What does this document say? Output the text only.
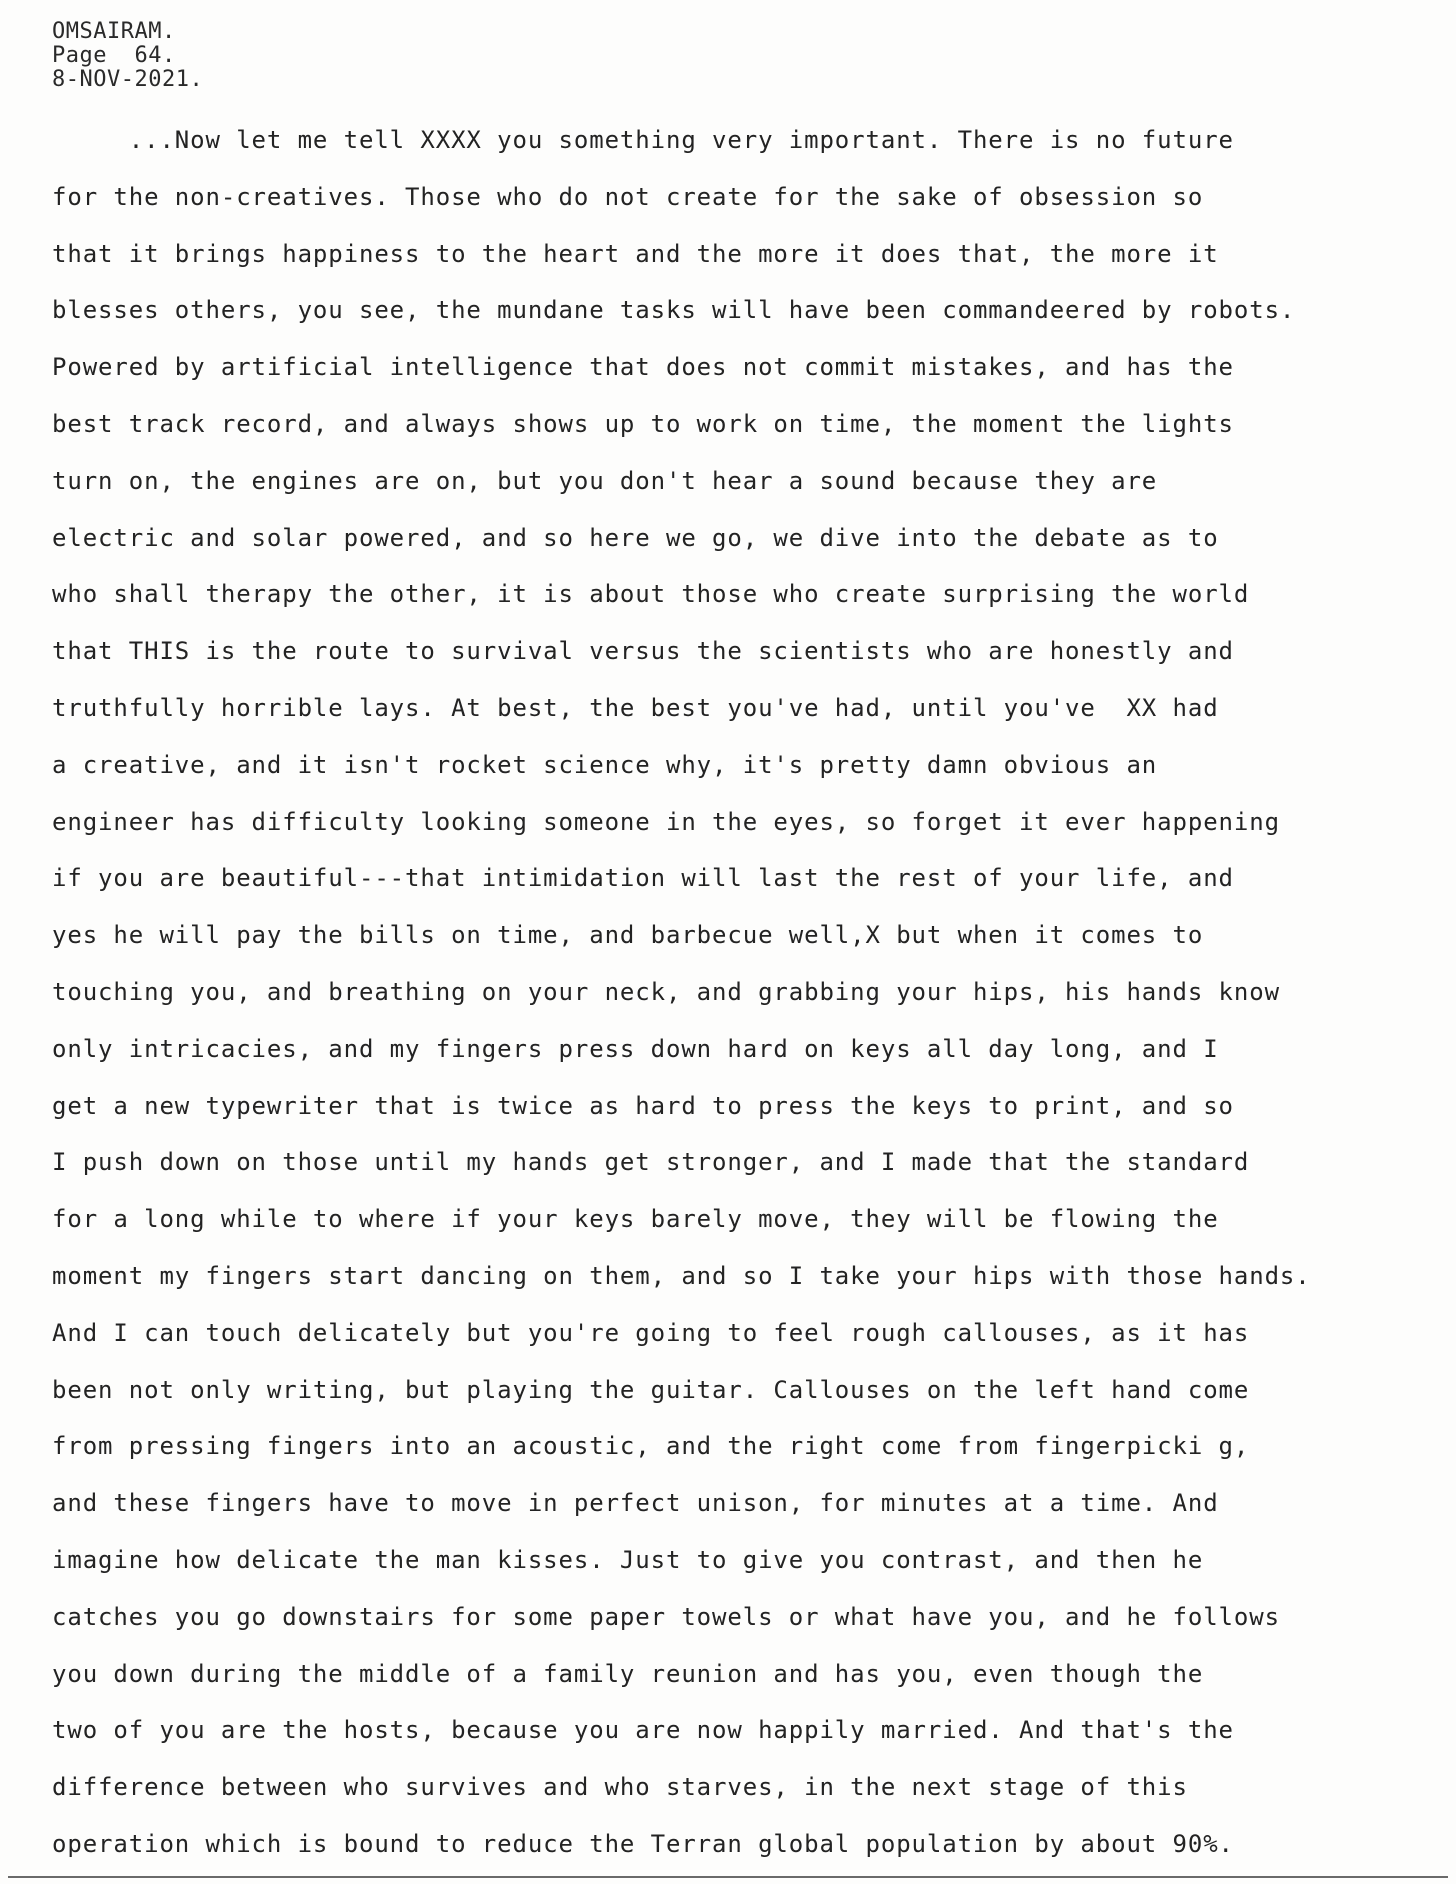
OMSAIRAM.
Page  64.
8-NOV-2021.
...Now let me tell XXXX you something very important. There is no future
for the non-creatives. Those who do not create for the sake of obsession so
that it brings happiness to the heart and the more it does that, the more it
blesses others, you see, the mundane tasks will have been commandeered by robots.
Powered by artificial intelligence that does not commit mistakes, and has the
best track record, and always shows up to work on time, the moment the lights
turn on, the engines are on, but you don't hear a sound because they are
electric and solar powered, and so here we go, we dive into the debate as to
who shall therapy the other, it is about those who create surprising the world
that THIS is the route to survival versus the scientists who are honestly and
truthfully horrible lays. At best, the best you've had, until you've  XX had
a creative, and it isn't rocket science why, it's pretty damn obvious an
engineer has difficulty looking someone in the eyes, so forget it ever happening
if you are beautiful---that intimidation will last the rest of your life, and
yes he will pay the bills on time, and barbecue well,X but when it comes to
touching you, and breathing on your neck, and grabbing your hips, his hands know
only intricacies, and my fingers press down hard on keys all day long, and I
get a new typewriter that is twice as hard to press the keys to print, and so
I push down on those until my hands get stronger, and I made that the standard
for a long while to where if your keys barely move, they will be flowing the
moment my fingers start dancing on them, and so I take your hips with those hands.
And I can touch delicately but you're going to feel rough callouses, as it has
been not only writing, but playing the guitar. Callouses on the left hand come
from pressing fingers into an acoustic, and the right come from fingerpicki g,
and these fingers have to move in perfect unison, for minutes at a time. And
imagine how delicate the man kisses. Just to give you contrast, and then he
catches you go downstairs for some paper towels or what have you, and he follows
you down during the middle of a family reunion and has you, even though the
two of you are the hosts, because you are now happily married. And that's the
difference between who survives and who starves, in the next stage of this
operation which is bound to reduce the Terran global population by about 90%.
